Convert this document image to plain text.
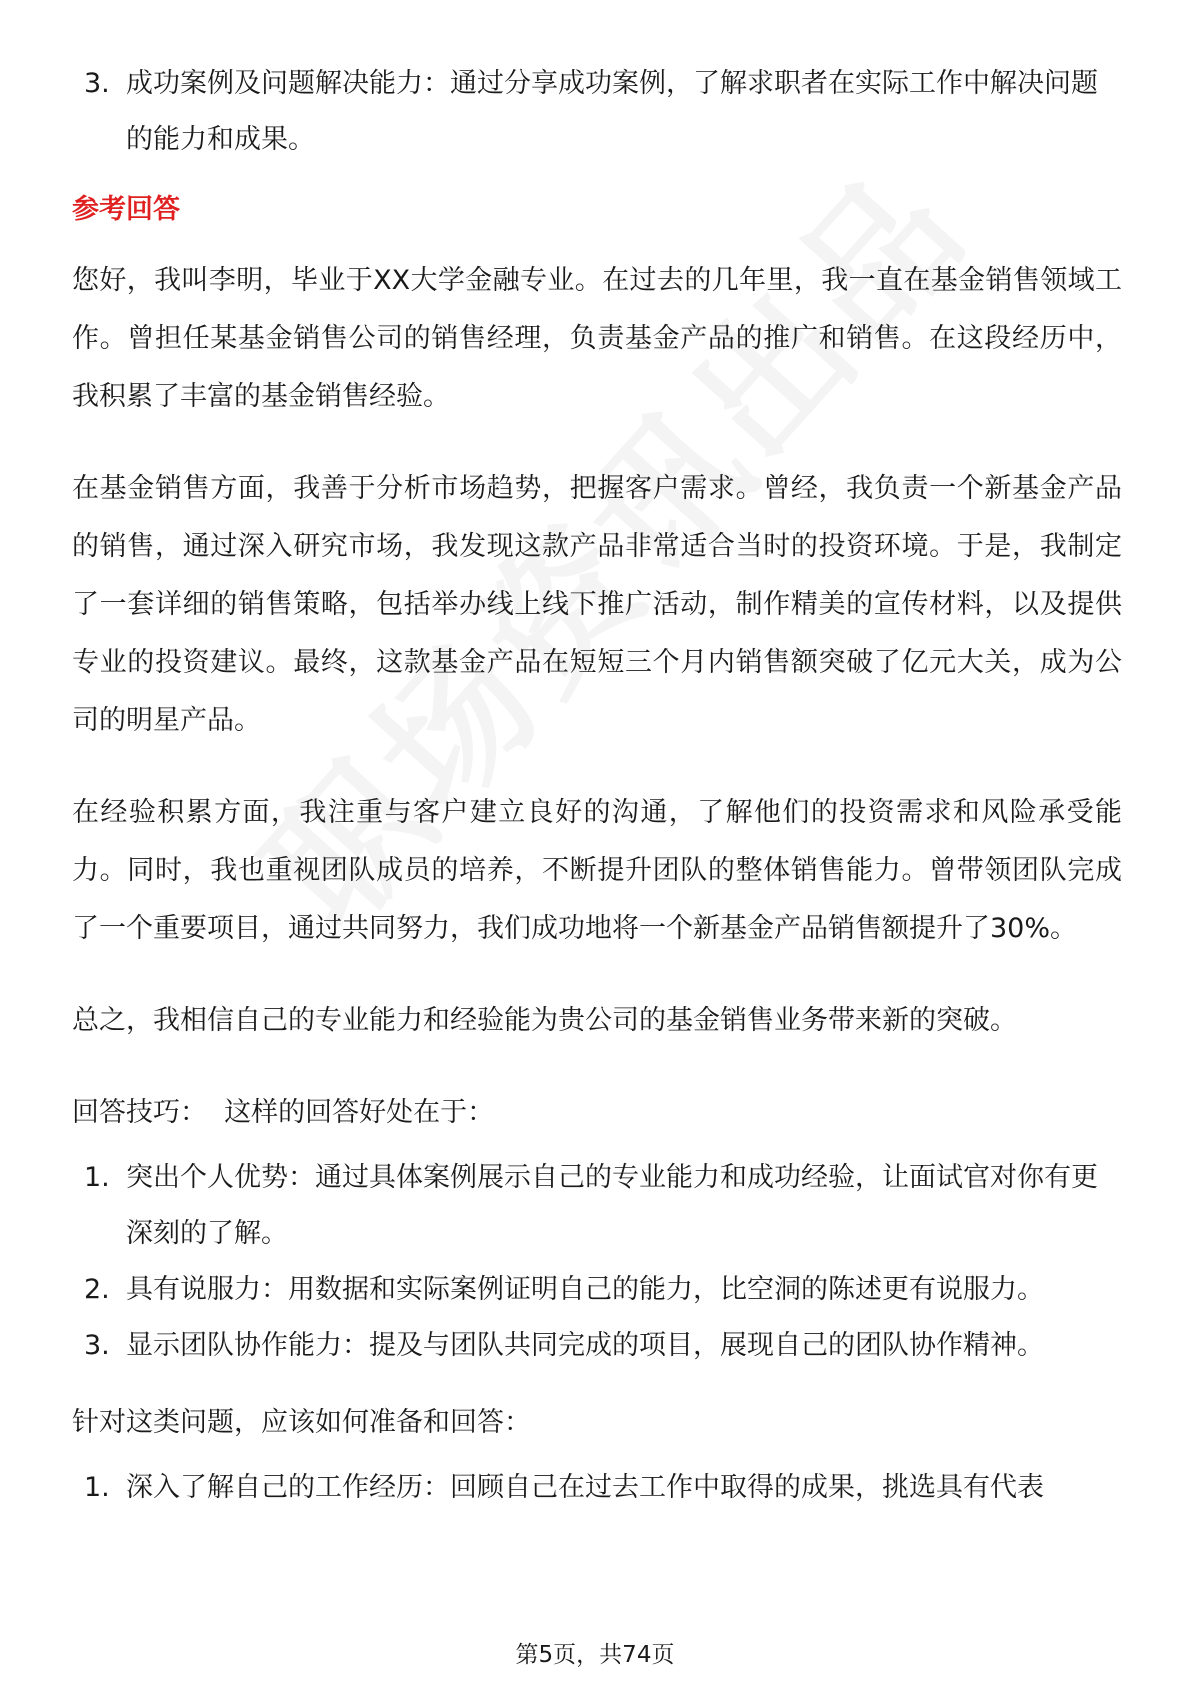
3. 成功案例及问题解决能力：通过分享成功案例，了解求职者在实际工作中解决问题的能力和成果。
参考回答
您好，我叫李明，毕业于XX大学金融专业。在过去的几年里，我一直在基金销售领域工作。曾担任某基金销售公司的销售经理，负责基金产品的推广和销售。在这段经历中，我积累了丰富的基金销售经验。
在基金销售方面，我善于分析市场趋势，把握客户需求。曾经，我负责一个新基金产品的销售，通过深入研究市场，我发现这款产品非常适合当时的投资环境。于是，我制定了一套详细的销售策略，包括举办线上线下推广活动，制作精美的宣传材料，以及提供专业的投资建议。最终，这款基金产品在短短三个月内销售额突破了亿元大关，成为公司的明星产品。
在经验积累方面，我注重与客户建立良好的沟通，了解他们的投资需求和风险承受能力。同时，我也重视团队成员的培养，不断提升团队的整体销售能力。曾带领团队完成了一个重要项目，通过共同努力，我们成功地将一个新基金产品销售额提升了30%。
总之，我相信自己的专业能力和经验能为贵公司的基金销售业务带来新的突破。
回答技巧：  这样的回答好处在于：
1. 突出个人优势：通过具体案例展示自己的专业能力和成功经验，让面试官对你有更深刻的了解。
2. 具有说服力：用数据和实际案例证明自己的能力，比空洞的陈述更有说服力。
3. 显示团队协作能力：提及与团队共同完成的项目，展现自己的团队协作精神。
针对这类问题，应该如何准备和回答：
1. 深入了解自己的工作经历：回顾自己在过去工作中取得的成果，挑选具有代表
第5页，共74页
